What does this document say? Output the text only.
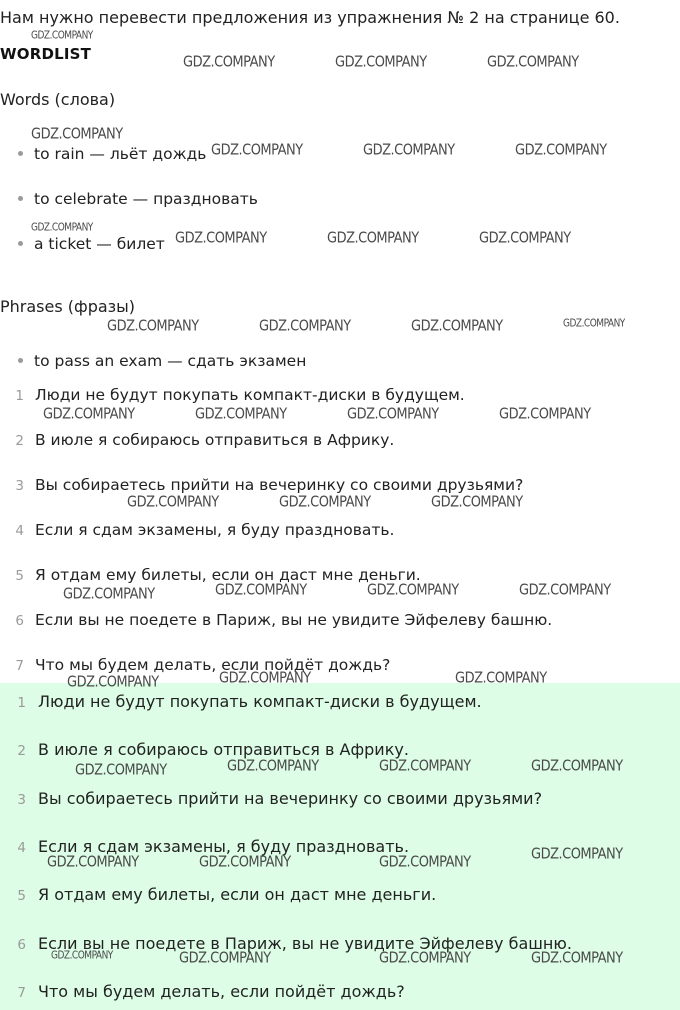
Нам нужно перевести предложения из упражнения № 2 на странице 60.
WORDLIST
Words (слова)
to rain — льёт дождь
to celebrate — празднoвать
a ticket — билет
Phrases (фразы)
to pass an exam — сдать экзамен
1 Люди не будут покупать компакт-диски в будущем.
2 В июле я собираюсь отправиться в Африку.
3 Вы собираетесь прийти на вечеринку со своими друзьями?
4 Если я сдам экзамены, я буду праздновать.
5 Я отдам ему билеты, если он даст мне деньги.
6 Если вы не поедете в Париж, вы не увидите Эйфелеву башню.
7 Что мы будем делать, если пойдёт дождь?
1 Люди не будут покупать компакт-диски в будущем.
2 В июле я собираюсь отправиться в Африку.
3 Вы собираетесь прийти на вечеринку со своими друзьями?
4 Если я сдам экзамены, я буду праздновать.
5 Я отдам ему билеты, если он даст мне деньги.
6 Если вы не поедете в Париж, вы не увидите Эйфелеву башню.
7 Что мы будем делать, если пойдёт дождь?
GDZ.COMPANY
GDZ.COMPANY	GDZ.COMPANY	GDZ.COMPANY
GDZ.COMPANY
GDZ.COMPANY	GDZ.COMPANY	GDZ.COMPANY
GDZ.COMPANY
GDZ.COMPANY	GDZ.COMPANY	GDZ.COMPANY
GDZ.COMPANY	GDZ.COMPANY	GDZ.COMPANY	GDZ.COMPANY
GDZ.COMPANY	GDZ.COMPANY	GDZ.COMPANY	GDZ.COMPANY
GDZ.COMPANY	GDZ.COMPANY	GDZ.COMPANY
GDZ.COMPANY	GDZ.COMPANY	GDZ.COMPANY	GDZ.COMPANY
GDZ.COMPANY	GDZ.COMPANY	GDZ.COMPANY
GDZ.COMPANY	GDZ.COMPANY	GDZ.COMPANY	GDZ.COMPANY
GDZ.COMPANY	GDZ.COMPANY	GDZ.COMPANY	GDZ.COMPANY
GDZ.COMPANY	GDZ.COMPANY	GDZ.COMPANY	GDZ.COMPANY
